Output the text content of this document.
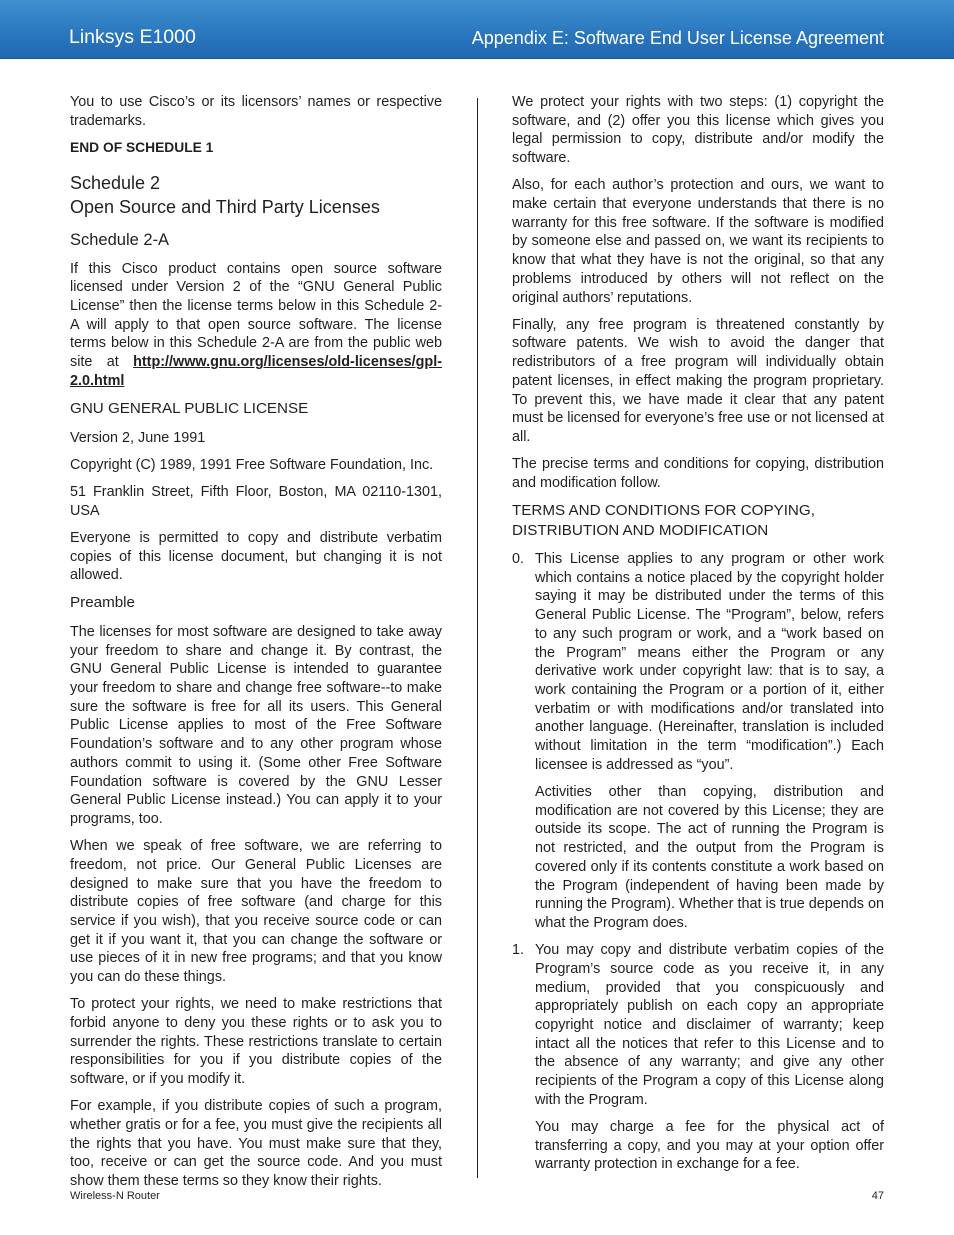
Linksys E1000	Appendix E: Software End User License Agreement

You to use Cisco’s or its licensors’ names or respective trademarks.

END OF SCHEDULE 1

Schedule 2
Open Source and Third Party Licenses
Schedule 2-A

If this Cisco product contains open source software licensed under Version 2 of the “GNU General Public License” then the license terms below in this Schedule 2-A will apply to that open source software. The license terms below in this Schedule 2-A are from the public web site at http://www.gnu.org/licenses/old-licenses/gpl-2.0.html

GNU GENERAL PUBLIC LICENSE

Version 2, June 1991

Copyright (C) 1989, 1991 Free Software Foundation, Inc.

51 Franklin Street, Fifth Floor, Boston, MA 02110-1301, USA

Everyone is permitted to copy and distribute verbatim copies of this license document, but changing it is not allowed.

Preamble

The licenses for most software are designed to take away your freedom to share and change it. By contrast, the GNU General Public License is intended to guarantee your freedom to share and change free software--to make sure the software is free for all its users. This General Public License applies to most of the Free Software Foundation’s software and to any other program whose authors commit to using it. (Some other Free Software Foundation software is covered by the GNU Lesser General Public License instead.) You can apply it to your programs, too.

When we speak of free software, we are referring to freedom, not price. Our General Public Licenses are designed to make sure that you have the freedom to distribute copies of free software (and charge for this service if you wish), that you receive source code or can get it if you want it, that you can change the software or use pieces of it in new free programs; and that you know you can do these things.

To protect your rights, we need to make restrictions that forbid anyone to deny you these rights or to ask you to surrender the rights. These restrictions translate to certain responsibilities for you if you distribute copies of the software, or if you modify it.

For example, if you distribute copies of such a program, whether gratis or for a fee, you must give the recipients all the rights that you have. You must make sure that they, too, receive or can get the source code. And you must show them these terms so they know their rights.

We protect your rights with two steps: (1) copyright the software, and (2) offer you this license which gives you legal permission to copy, distribute and/or modify the software.

Also, for each author’s protection and ours, we want to make certain that everyone understands that there is no warranty for this free software. If the software is modified by someone else and passed on, we want its recipients to know that what they have is not the original, so that any problems introduced by others will not reflect on the original authors’ reputations.

Finally, any free program is threatened constantly by software patents. We wish to avoid the danger that redistributors of a free program will individually obtain patent licenses, in effect making the program proprietary. To prevent this, we have made it clear that any patent must be licensed for everyone’s free use or not licensed at all.

The precise terms and conditions for copying, distribution and modification follow.

TERMS AND CONDITIONS FOR COPYING,
DISTRIBUTION AND MODIFICATION
0. This License applies to any program or other work which contains a notice placed by the copyright holder saying it may be distributed under the terms of this General Public License. The “Program”, below, refers to any such program or work, and a “work based on the Program” means either the Program or any derivative work under copyright law: that is to say, a work containing the Program or a portion of it, either verbatim or with modifications and/or translated into another language. (Hereinafter, translation is included without limitation in the term “modification”.) Each licensee is addressed as “you”.
Activities other than copying, distribution and modification are not covered by this License; they are outside its scope. The act of running the Program is not restricted, and the output from the Program is covered only if its contents constitute a work based on the Program (independent of having been made by running the Program). Whether that is true depends on what the Program does.
1. You may copy and distribute verbatim copies of the Program’s source code as you receive it, in any medium, provided that you conspicuously and appropriately publish on each copy an appropriate copyright notice and disclaimer of warranty; keep intact all the notices that refer to this License and to the absence of any warranty; and give any other recipients of the Program a copy of this License along with the Program.
You may charge a fee for the physical act of transferring a copy, and you may at your option offer warranty protection in exchange for a fee.
Wireless-N Router	47
